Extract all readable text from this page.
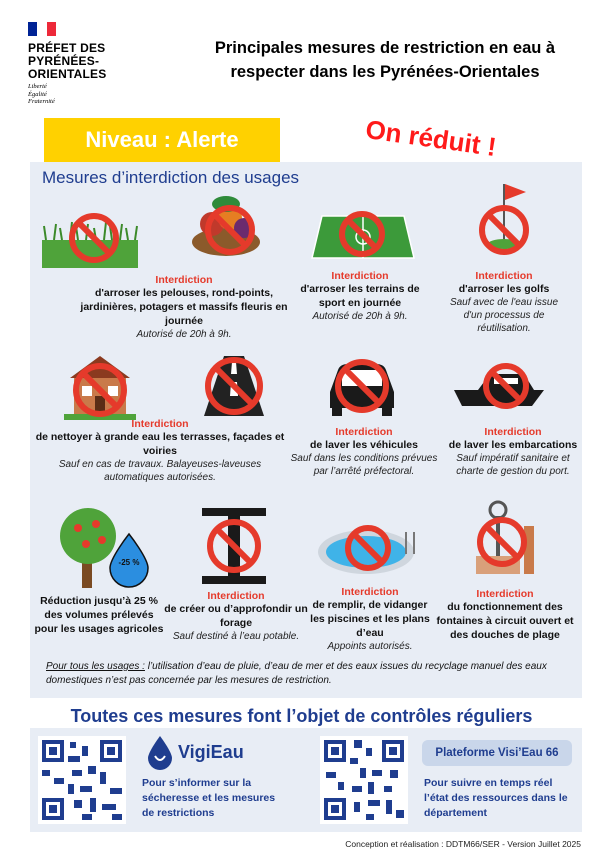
PRÉFET DES PYRÉNÉES-ORIENTALES
Liberté
Égalité
Fraternité
Principales mesures de restriction en eau à respecter dans les Pyrénées-Orientales
Niveau : Alerte	On réduit !
Mesures d’interdiction des usages
Interdiction
d'arroser les pelouses, rond-points, jardinières, potagers et massifs fleuris en journée
Autorisé de 20h à 9h.
Interdiction
d'arroser les terrains de sport en journée
Autorisé de 20h à 9h.
Interdiction
d'arroser les golfs
Sauf avec de l'eau issue d'un processus de réutilisation.
Interdiction
de nettoyer à grande eau les terrasses, façades et voiries
Sauf en cas de travaux. Balayeuses-laveuses automatiques autorisées.
Interdiction
de laver les véhicules
Sauf dans les conditions prévues par l’arrêté préfectoral.
Interdiction
de laver les embarcations
Sauf impératif sanitaire et charte de gestion du port.
-25 %
Réduction jusqu’à 25 % des volumes prélevés pour les usages agricoles
Interdiction
de créer ou d’approfondir un forage
Sauf destiné à l’eau potable.
Interdiction
de remplir, de vidanger les piscines et les plans d’eau
Appoints autorisés.
Interdiction
du fonctionnement des fontaines à circuit ouvert et des douches de plage
Pour tous les usages : l’utilisation d’eau de pluie, d’eau de mer et des eaux issues du recyclage manuel des eaux domestiques n’est pas concernée par les mesures de restriction.
Toutes ces mesures font l’objet de contrôles réguliers
VigiEau
Pour s’informer sur la sécheresse et les mesures de restrictions
Plateforme Visi’Eau 66
Pour suivre en temps réel l’état des ressources dans le département
Conception et réalisation : DDTM66/SER - Version Juillet 2025
